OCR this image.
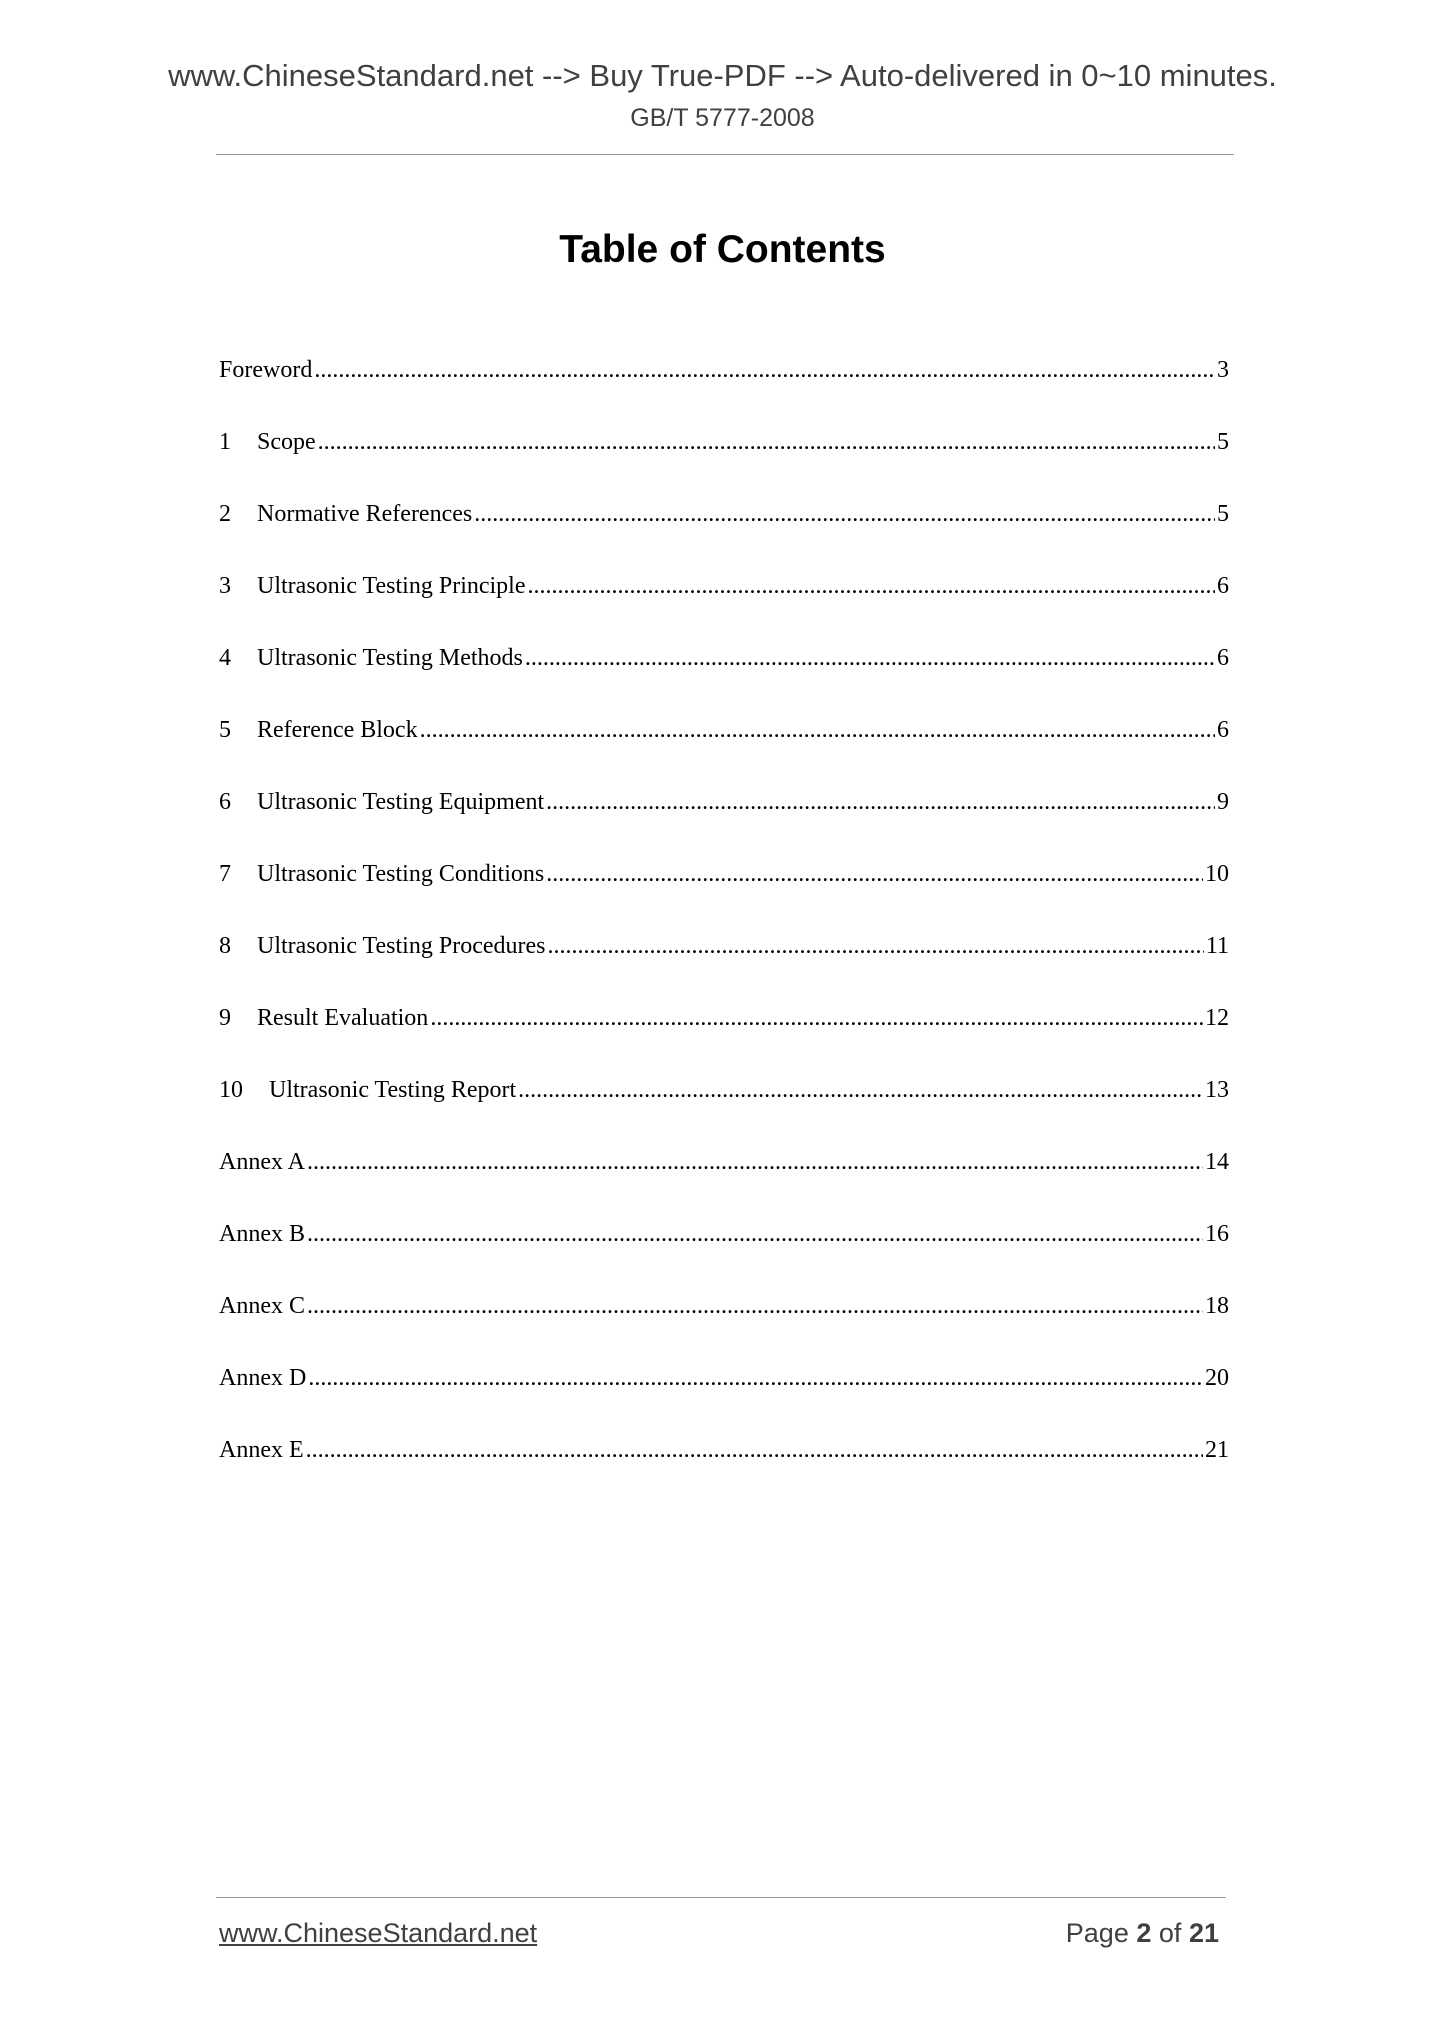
www.ChineseStandard.net --> Buy True-PDF --> Auto-delivered in 0~10 minutes.
GB/T 5777-2008
Table of Contents
Foreword .....	3
1	Scope .....	5
2	Normative References .....	5
3	Ultrasonic Testing Principle .....	6
4	Ultrasonic Testing Methods .....	6
5	Reference Block .....	6
6	Ultrasonic Testing Equipment .....	9
7	Ultrasonic Testing Conditions .....	10
8	Ultrasonic Testing Procedures .....	11
9	Result Evaluation .....	12
10	Ultrasonic Testing Report .....	13
Annex A .....	14
Annex B .....	16
Annex C .....	18
Annex D .....	20
Annex E .....	21
www.ChineseStandard.net	Page 2 of 21
